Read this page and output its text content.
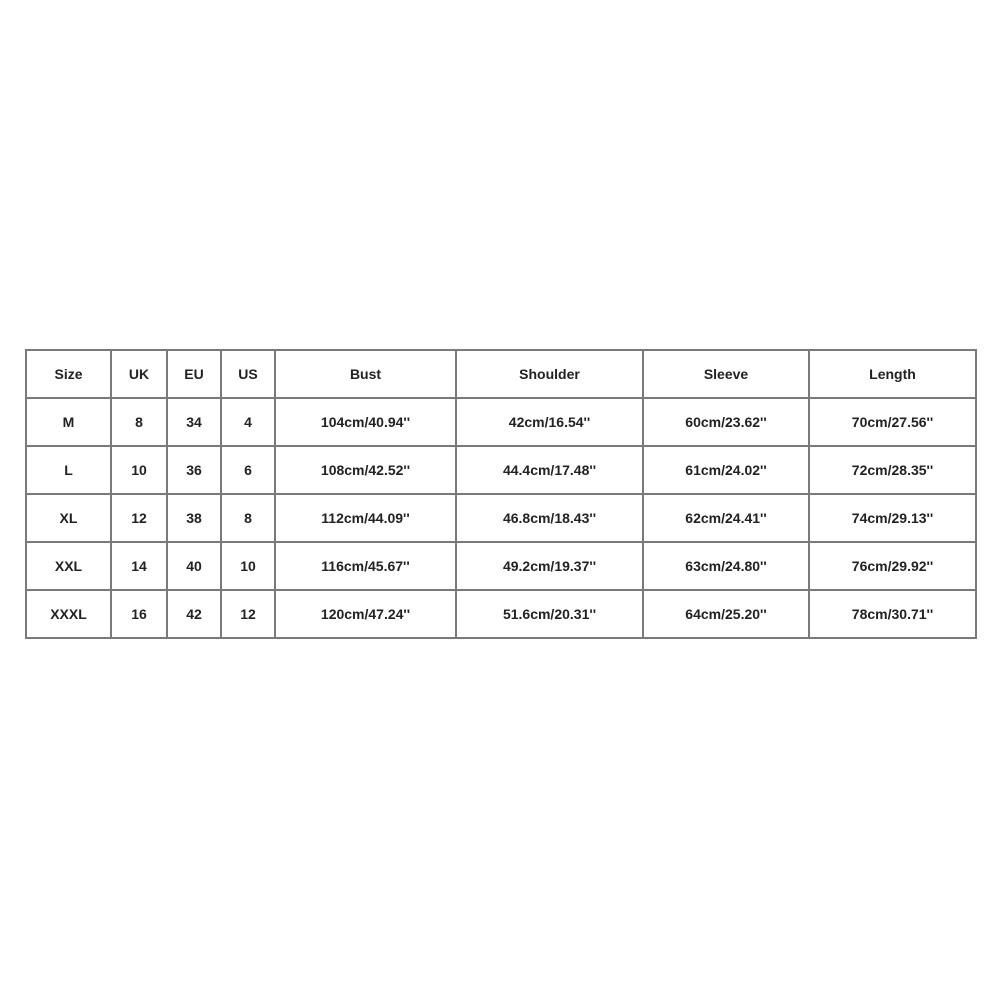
Size	UK	EU	US	Bust	Shoulder	Sleeve	Length
M	8	34	4	104cm/40.94''	42cm/16.54''	60cm/23.62''	70cm/27.56''
L	10	36	6	108cm/42.52''	44.4cm/17.48''	61cm/24.02''	72cm/28.35''
XL	12	38	8	112cm/44.09''	46.8cm/18.43''	62cm/24.41''	74cm/29.13''
XXL	14	40	10	116cm/45.67''	49.2cm/19.37''	63cm/24.80''	76cm/29.92''
XXXL	16	42	12	120cm/47.24''	51.6cm/20.31''	64cm/25.20''	78cm/30.71''
